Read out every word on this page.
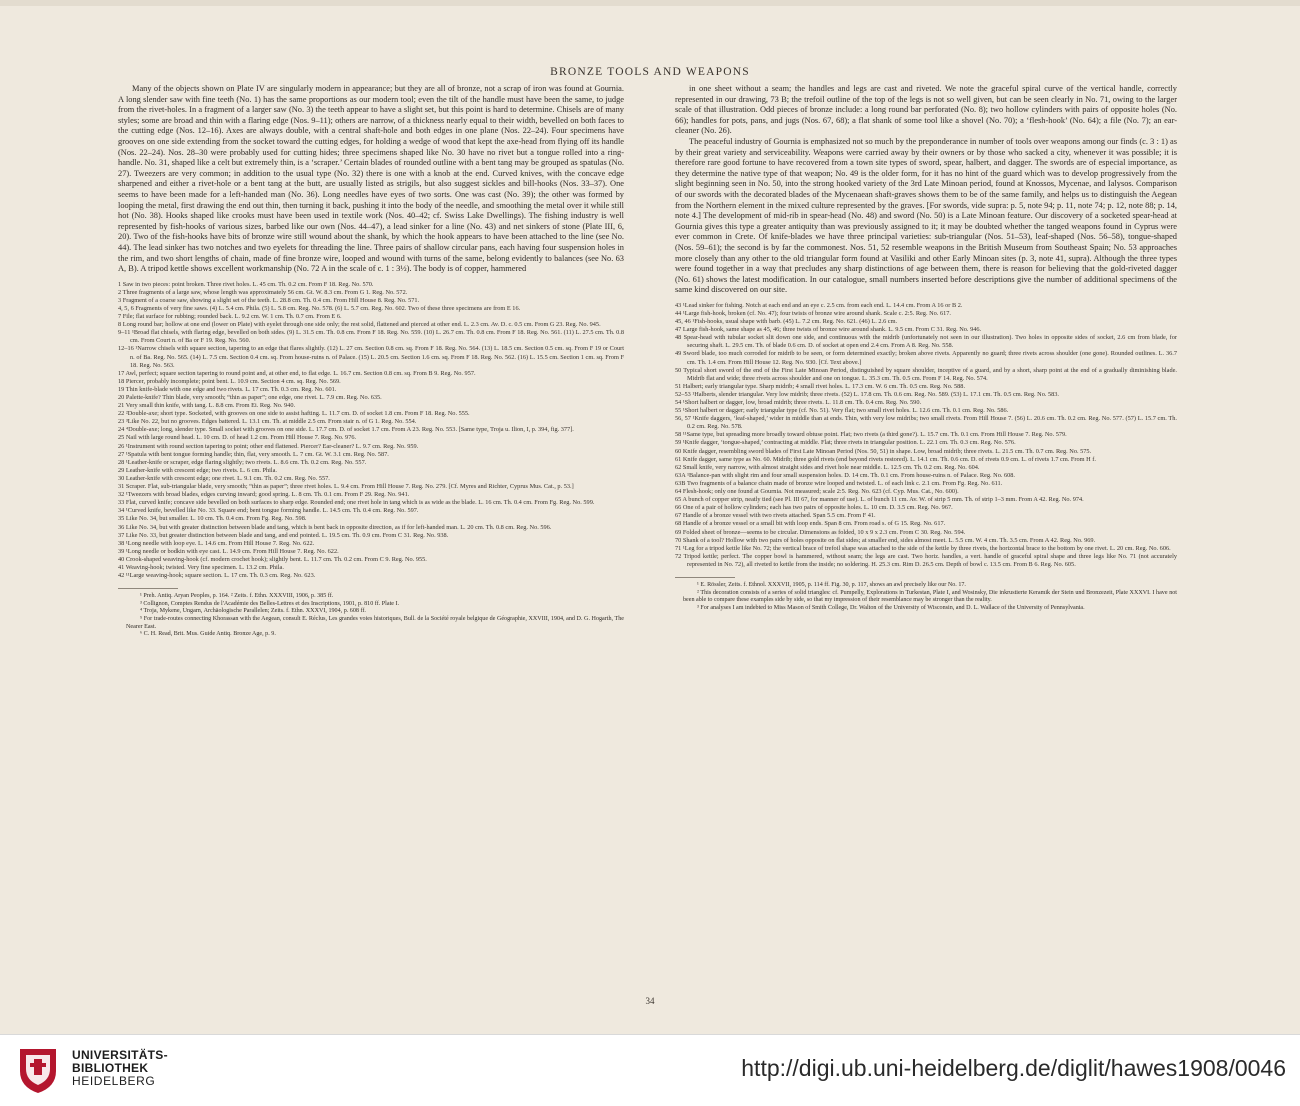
BRONZE TOOLS AND WEAPONS

Many of the objects shown on Plate IV are singularly modern in appearance; but they are all of bronze, not a scrap of iron was found at Gournia. A long slender saw with fine teeth (No. 1) has the same proportions as our modern tool; even the tilt of the handle must have been the same, to judge from the rivet-holes. In a fragment of a larger saw (No. 3) the teeth appear to have a slight set, but this point is hard to determine. Chisels are of many styles; some are broad and thin with a flaring edge (Nos. 9–11); others are narrow, of a thickness nearly equal to their width, bevelled on both faces to the cutting edge (Nos. 12–16). Axes are always double, with a central shaft-hole and both edges in one plane (Nos. 22–24). Four specimens have grooves on one side extending from the socket toward the cutting edges, for holding a wedge of wood that kept the axe-head from flying off its handle (Nos. 22–24). Nos. 28–30 were probably used for cutting hides; three specimens shaped like No. 30 have no rivet but a tongue rolled into a ring-handle. No. 31, shaped like a celt but extremely thin, is a ‘scraper.’ Certain blades of rounded outline with a bent tang may be grouped as spatulas (No. 27). Tweezers are very common; in addition to the usual type (No. 32) there is one with a knob at the end. Curved knives, with the concave edge sharpened and either a rivet-hole or a bent tang at the butt, are usually listed as strigils, but also suggest sickles and bill-hooks (Nos. 33–37). One seems to have been made for a left-handed man (No. 36). Long needles have eyes of two sorts. One was cast (No. 39); the other was formed by looping the metal, first drawing the end out thin, then turning it back, pushing it into the body of the needle, and smoothing the metal over it while still hot (No. 38). Hooks shaped like crooks must have been used in textile work (Nos. 40–42; cf. Swiss Lake Dwellings). The fishing industry is well represented by fish-hooks of various sizes, barbed like our own (Nos. 44–47), a lead sinker for a line (No. 43) and net sinkers of stone (Plate III, 6, 20). Two of the fish-hooks have bits of bronze wire still wound about the shank, by which the hook appears to have been attached to the line (see No. 44). The lead sinker has two notches and two eyelets for threading the line. Three pairs of shallow circular pans, each having four suspension holes in the rim, and two short lengths of chain, made of fine bronze wire, looped and wound with turns of the same, belong evidently to balances (see No. 63 A, B). A tripod kettle shows excellent workmanship (No. 72 A in the scale of c. 1 : 3½). The body is of copper, hammered

1 Saw in two pieces: point broken. Three rivet holes. L. 45 cm. Th. 0.2 cm. From F 18. Reg. No. 570.

2 Three fragments of a large saw, whose length was approximately 56 cm. Gt. W. 8.3 cm. From G 1. Reg. No. 572.

3 Fragment of a coarse saw, showing a slight set of the teeth. L. 28.8 cm. Th. 0.4 cm. From Hill House 8. Reg. No. 571.

4, 5, 6 Fragments of very fine saws. (4) L. 5.4 cm. Phila. (5) L. 5.8 cm. Reg. No. 578. (6) L. 5.7 cm. Reg. No. 602. Two of these three specimens are from E 16.

7 File; flat surface for rubbing; rounded back. L. 9.2 cm. W. 1 cm. Th. 0.7 cm. From E 6.

8 Long round bar; hollow at one end (lower on Plate) with eyelet through one side only; the rest solid, flattened and pierced at other end. L. 2.3 cm. Av. D. c. 0.5 cm. From G 23. Reg. No. 945.

9–11 ¹Broad flat chisels, with flaring edge, bevelled on both sides. (9) L. 31.5 cm. Th. 0.8 cm. From F 18. Reg. No. 559. (10) L. 26.7 cm. Th. 0.8 cm. From F 18. Reg. No. 561. (11) L. 27.5 cm. Th. 0.8 cm. From Court n. of Ba or F 19. Reg. No. 560.

12–16 ¹Narrow chisels with square section, tapering to an edge that flares slightly. (12) L. 27 cm. Section 0.8 cm. sq. From F 18. Reg. No. 564. (13) L. 18.5 cm. Section 0.5 cm. sq. From F 19 or Court n. of Ba. Reg. No. 565. (14) L. 7.5 cm. Section 0.4 cm. sq. From house-ruins n. of Palace. (15) L. 20.5 cm. Section 1.6 cm. sq. From F 18. Reg. No. 562. (16) L. 15.5 cm. Section 1 cm. sq. From F 18. Reg. No. 563.

17 Awl, perfect; square section tapering to round point and, at other end, to flat edge. L. 16.7 cm. Section 0.8 cm. sq. From B 9. Reg. No. 957.

18 Piercer, probably incomplete; point bent. L. 10.9 cm. Section 4 cm. sq. Reg. No. 569.

19 Thin knife-blade with one edge and two rivets. L. 17 cm. Th. 0.3 cm. Reg. No. 601.

20 Palette-knife? Thin blade, very smooth; “thin as paper”; one edge, one rivet. L. 7.9 cm. Reg. No. 635.

21 Very small thin knife, with tang. L. 8.8 cm. From Ei. Reg. No. 940.

22 ²Double-axe; short type. Socketed, with grooves on one side to assist hafting. L. 11.7 cm. D. of socket 1.8 cm. From F 18. Reg. No. 555.

23 ³Like No. 22, but no grooves. Edges battered. L. 13.1 cm. Th. at middle 2.5 cm. From stair n. of G 1. Reg. No. 554.

24 ⁴Double-axe; long, slender type. Small socket with grooves on one side. L. 17.7 cm. D. of socket 1.7 cm. From A 23. Reg. No. 553. [Same type, Troja u. Ilion, I, p. 394, fig. 377].

25 Nail with large round head. L. 10 cm. D. of head 1.2 cm. From Hill House 7. Reg. No. 976.

26 ¹Instrument with round section tapering to point; other end flattened. Piercer? Ear-cleaner? L. 9.7 cm. Reg. No. 959.

27 ¹Spatula with bent tongue forming handle; thin, flat, very smooth. L. 7 cm. Gt. W. 3.1 cm. Reg. No. 587.

28 ¹Leather-knife or scraper, edge flaring slightly; two rivets. L. 8.6 cm. Th. 0.2 cm. Reg. No. 557.

29 Leather-knife with crescent edge; two rivets. L. 6 cm. Phila.

30 Leather-knife with crescent edge; one rivet. L. 9.1 cm. Th. 0.2 cm. Reg. No. 557.

31 Scraper. Flat, sub-triangular blade, very smooth; “thin as paper”; three rivet holes. L. 9.4 cm. From Hill House 7. Reg. No. 279. [Cf. Myres and Richter, Cyprus Mus. Cat., p. 53.]

32 ¹Tweezers with broad blades, edges curving inward; good spring. L. 8 cm. Th. 0.1 cm. From F 29. Reg. No. 941.

33 Flat, curved knife; concave side bevelled on both surfaces to sharp edge. Rounded end; one rivet hole in tang which is as wide as the blade. L. 16 cm. Th. 0.4 cm. From Fg. Reg. No. 599.

34 ¹Curved knife, bevelled like No. 33. Square end; bent tongue forming handle. L. 14.5 cm. Th. 0.4 cm. Reg. No. 597.

35 Like No. 34, but smaller. L. 10 cm. Th. 0.4 cm. From Fg. Reg. No. 598.

36 Like No. 34, but with greater distinction between blade and tang, which is bent back in opposite direction, as if for left-handed man. L. 20 cm. Th. 0.8 cm. Reg. No. 596.

37 Like No. 33, but greater distinction between blade and tang, and end pointed. L. 19.5 cm. Th. 0.9 cm. From C 31. Reg. No. 938.

38 ¹Long needle with loop eye. L. 14.6 cm. From Hill House 7. Reg. No. 622.

39 ¹Long needle or bodkin with eye cast. L. 14.9 cm. From Hill House 7. Reg. No. 622.

40 Crook-shaped weaving-hook (cf. modern crochet hook); slightly bent. L. 11.7 cm. Th. 0.2 cm. From C 9. Reg. No. 955.

41 Weaving-hook; twisted. Very fine specimen. L. 13.2 cm. Phila.

42 ¹¹Large weaving-hook; square section. L. 17 cm. Th. 0.3 cm. Reg. No. 623.

¹ Preh. Antiq. Aryan Peoples, p. 164. ² Zeits. f. Ethn. XXXVIII, 1906, p. 385 ff.

³ Collignon, Comptes Rendus de l'Académie des Belles-Lettres et des Inscriptions, 1901, p. 810 ff. Plate I.

⁴ Troja, Mykene, Ungarn, Archäologische Parallelen; Zeits. f. Ethn. XXXVI, 1904, p. 608 ff.

⁵ For trade-routes connecting Khorassan with the Aegean, consult E. Réclus, Les grandes voies historiques, Bull. de la Société royale belgique de Géographie, XXVIII, 1904, and D. G. Hogarth, The Nearer East.

⁶ C. H. Read, Brit. Mus. Guide Antiq. Bronze Age, p. 9.

in one sheet without a seam; the handles and legs are cast and riveted. We note the graceful spiral curve of the vertical handle, correctly represented in our drawing, 73 B; the trefoil outline of the top of the legs is not so well given, but can be seen clearly in No. 71, owing to the larger scale of that illustration. Odd pieces of bronze include: a long round bar perforated (No. 8); two hollow cylinders with pairs of opposite holes (No. 66); handles for pots, pans, and jugs (Nos. 67, 68); a flat shank of some tool like a shovel (No. 70); a ‘flesh-hook’ (No. 64); a file (No. 7); an ear-cleaner (No. 26).

The peaceful industry of Gournia is emphasized not so much by the preponderance in number of tools over weapons among our finds (c. 3 : 1) as by their great variety and serviceability. Weapons were carried away by their owners or by those who sacked a city, whenever it was possible; it is therefore rare good fortune to have recovered from a town site types of sword, spear, halbert, and dagger. The swords are of especial importance, as they determine the native type of that weapon; No. 49 is the older form, for it has no hint of the guard which was to develop progressively from the slight beginning seen in No. 50, into the strong hooked variety of the 3rd Late Minoan period, found at Knossos, Mycenae, and Ialysos. Comparison of our swords with the decorated blades of the Mycenaean shaft-graves shows them to be of the same family, and helps us to distinguish the Aegean from the Northern element in the mixed culture represented by the graves. [For swords, vide supra: p. 5, note 94; p. 11, note 74; p. 12, note 88; p. 14, note 4.] The development of mid-rib in spear-head (No. 48) and sword (No. 50) is a Late Minoan feature. Our discovery of a socketed spear-head at Gournia gives this type a greater antiquity than was previously assigned to it; it may be doubted whether the tanged weapons found in Cyprus were ever common in Crete. Of knife-blades we have three principal varieties: sub-triangular (Nos. 51–53), leaf-shaped (Nos. 56–58), tongue-shaped (Nos. 59–61); the second is by far the commonest. Nos. 51, 52 resemble weapons in the British Museum from Southeast Spain; No. 53 approaches more closely than any other to the old triangular form found at Vasiliki and other Early Minoan sites (p. 3, note 41, supra). Although the three types were found together in a way that precludes any sharp distinctions of age between them, there is reason for believing that the gold-riveted dagger (No. 61) shows the latest modification. In our catalogue, small numbers inserted before descriptions give the number of additional specimens of the same kind discovered on our site.

43 ¹Lead sinker for fishing. Notch at each end and an eye c. 2.5 cm. from each end. L. 14.4 cm. From A 16 or B 2.

44 ¹Large fish-hook, broken (cf. No. 47); four twists of bronze wire around shank. Scale c. 2:5. Reg. No. 617.

45, 46 ¹Fish-hooks, usual shape with barb. (45) L. 7.2 cm. Reg. No. 621. (46) L. 2.6 cm.

47 Large fish-hook, same shape as 45, 46; three twists of bronze wire around shank. L. 9.5 cm. From C 31. Reg. No. 946.

48 Spear-head with tubular socket slit down one side, and continuous with the midrib (unfortunately not seen in our illustration). Two holes in opposite sides of socket, 2.6 cm from blade, for securing shaft. L. 29.5 cm. Th. of blade 0.6 cm. D. of socket at open end 2.4 cm. From A 8. Reg. No. 558.

49 Sword blade, too much corroded for midrib to be seen, or form determined exactly; broken above rivets. Apparently no guard; three rivets across shoulder (one gone). Rounded outlines. L. 36.7 cm. Th. 1.4 cm. From Hill House 12. Reg. No. 930. [Cf. Text above.]

50 Typical short sword of the end of the First Late Minoan Period, distinguished by square shoulder, inceptive of a guard, and by a short, sharp point at the end of a gradually diminishing blade. Midrib flat and wide; three rivets across shoulder and one on tongue. L. 35.3 cm. Th. 0.5 cm. From F 14. Reg. No. 574.

51 Halbert; early triangular type. Sharp midrib; 4 small rivet holes. L. 17.3 cm. W. 6 cm. Th. 0.5 cm. Reg. No. 588.

52–53 ¹Halberts, slender triangular. Very low midrib; three rivets. (52) L. 17.8 cm. Th. 0.6 cm. Reg. No. 589. (53) L. 17.1 cm. Th. 0.5 cm. Reg. No. 583.

54 ¹Short halbert or dagger, low, broad midrib; three rivets. L. 11.8 cm. Th. 0.4 cm. Reg. No. 590.

55 ¹Short halbert or dagger; early triangular type (cf. No. 51). Very flat; two small rivet holes. L. 12.6 cm. Th. 0.1 cm. Reg. No. 586.

56, 57 ¹Knife daggers, ‘leaf-shaped,’ wider in middle than at ends. Thin, with very low midribs; two small rivets. From Hill House 7. (56) L. 20.6 cm. Th. 0.2 cm. Reg. No. 577. (57) L. 15.7 cm. Th. 0.2 cm. Reg. No. 578.

58 ¹¹Same type, but spreading more broadly toward obtuse point. Flat; two rivets (a third gone?). L. 15.7 cm. Th. 0.1 cm. From Hill House 7. Reg. No. 579.

59 ¹Knife dagger, ‘tongue-shaped,’ contracting at middle. Flat; three rivets in triangular position. L. 22.1 cm. Th. 0.3 cm. Reg. No. 576.

60 Knife dagger, resembling sword blades of First Late Minoan Period (Nos. 50, 51) in shape. Low, broad midrib; three rivets. L. 21.5 cm. Th. 0.7 cm. Reg. No. 575.

61 Knife dagger, same type as No. 60. Midrib; three gold rivets (end beyond rivets restored). L. 14.1 cm. Th. 0.6 cm. D. of rivets 0.9 cm. L. of rivets 1.7 cm. From H f.

62 Small knife, very narrow, with almost straight sides and rivet hole near middle. L. 12.5 cm. Th. 0.2 cm. Reg. No. 604.

63A ¹Balance-pan with slight rim and four small suspension holes. D. 14 cm. Th. 0.1 cm. From house-ruins n. of Palace. Reg. No. 608.

63B Two fragments of a balance chain made of bronze wire looped and twisted. L. of each link c. 2.1 cm. From Fg. Reg. No. 611.

64 Flesh-hook; only one found at Gournia. Not measured; scale 2:5. Reg. No. 623 (cf. Cyp. Mus. Cat., No. 600).

65 A bunch of copper strip, neatly tied (see Pl. III 67, for manner of use). L. of bunch 11 cm. Av. W. of strip 5 mm. Th. of strip 1–3 mm. From A 42. Reg. No. 974.

66 One of a pair of hollow cylinders; each has two pairs of opposite holes. L. 10 cm. D. 3.5 cm. Reg. No. 967.

67 Handle of a bronze vessel with two rivets attached. Span 5.5 cm. From F 41.

68 Handle of a bronze vessel or a small bit with loop ends. Span 8 cm. From road s. of G 15. Reg. No. 617.

69 Folded sheet of bronze—seems to be circular. Dimensions as folded, 10 x 9 x 2.3 cm. From C 30. Reg. No. 594.

70 Shank of a tool? Hollow with two pairs of holes opposite on flat sides; at smaller end, sides almost meet. L. 5.5 cm. W. 4 cm. Th. 3.5 cm. From A 42. Reg. No. 969.

71 ¹Leg for a tripod kettle like No. 72; the vertical brace of trefoil shape was attached to the side of the kettle by three rivets, the horizontal brace to the bottom by one rivet. L. 20 cm. Reg. No. 606.

72 Tripod kettle; perfect. The copper bowl is hammered, without seam; the legs are cast. Two horiz. handles, a vert. handle of graceful spiral shape and three legs like No. 71 (not accurately represented in No. 72), all riveted to kettle from the inside; no soldering. H. 25.3 cm. Rim D. 26.5 cm. Depth of bowl c. 13.5 cm. From B 6. Reg. No. 605.

¹ E. Rössler, Zeits. f. Ethnol. XXXVII, 1905, p. 114 ff. Fig. 30, p. 117, shows an awl precisely like our No. 17.

² This decoration consists of a series of solid triangles: cf. Pumpelly, Explorations in Turkestan, Plate I, and Wosinsky, Die inkrustierte Keramik der Stein und Bronzezeit, Plate XXXVI. I have not been able to compare these examples side by side, so that my impression of their resemblance may be stronger than the reality.

³ For analyses I am indebted to Miss Mason of Smith College, Dr. Walton of the University of Wisconsin, and D. L. Wallace of the University of Pennsylvania.

34
UNIVERSITÄTS-
BIBLIOTHEK
HEIDELBERG	http://digi.ub.uni-heidelberg.de/diglit/hawes1908/0046
